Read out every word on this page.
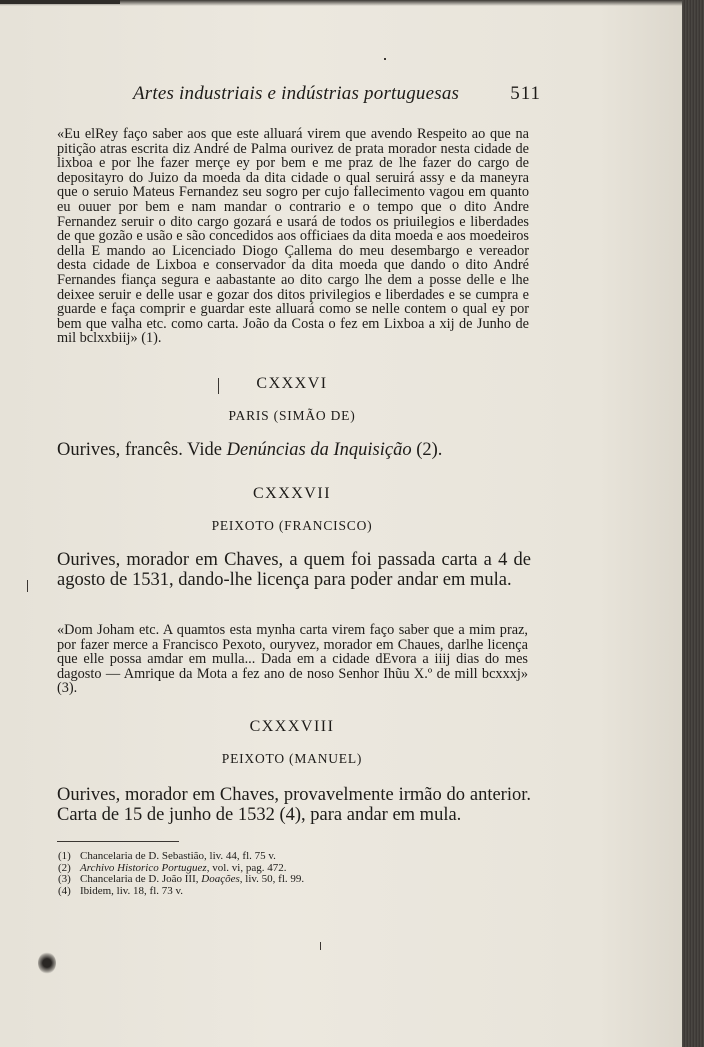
Artes industriais e indústrias portuguesas	511
«Eu elRey faço saber aos que este alluará virem que avendo Respeito ao que na pitição atras escrita diz André de Palma ourivez de prata morador nesta cidade de lixboa e por lhe fazer merçe ey por bem e me praz de lhe fazer do cargo de depositayro do Juizo da moeda da dita cidade o qual seruirá assy e da maneyra que o seruio Mateus Fernandez seu sogro per cujo fallecimento vagou em quanto eu ouuer por bem e nam mandar o contrario e o tempo que o dito Andre Fernandez seruir o dito cargo gozará e usará de todos os priuilegios e liberdades de que gozão e usão e são concedidos aos officiaes da dita moeda e aos moedeiros della E mando ao Licenciado Diogo Çallema do meu desembargo e vereador desta cidade de Lixboa e conservador da dita moeda que dando o dito André Fernandes fiança segura e aabastante ao dito cargo lhe dem a posse delle e lhe deixee seruir e delle usar e gozar dos ditos privilegios e liberdades e se cumpra e guarde e faça comprir e guardar este alluará como se nelle contem o qual ey por bem que valha etc. como carta. João da Costa o fez em Lixboa a xij de Junho de mil bclxxbiij» (1).
CXXXVI
PARIS (SIMÃO DE)
Ourives, francês. Vide Denúncias da Inquisição (2).
CXXXVII
PEIXOTO (FRANCISCO)
Ourives, morador em Chaves, a quem foi passada carta a 4 de agosto de 1531, dando-lhe licença para poder andar em mula.
«Dom Joham etc. A quamtos esta mynha carta virem faço saber que a mim praz, por fazer merce a Francisco Pexoto, ouryvez, morador em Chaues, darlhe licença que elle possa amdar em mulla... Dada em a cidade dEvora a iiij dias do mes dagosto — Amrique da Mota a fez ano de noso Senhor Ihũu X.º de mill bcxxxj» (3).
CXXXVIII
PEIXOTO (MANUEL)
Ourives, morador em Chaves, provavelmente irmão do anterior. Carta de 15 de junho de 1532 (4), para andar em mula.
(1) Chancelaria de D. Sebastião, liv. 44, fl. 75 v.
(2) Archivo Historico Portuguez, vol. vi, pag. 472.
(3) Chancelaria de D. João III, Doações, liv. 50, fl. 99.
(4) Ibidem, liv. 18, fl. 73 v.
